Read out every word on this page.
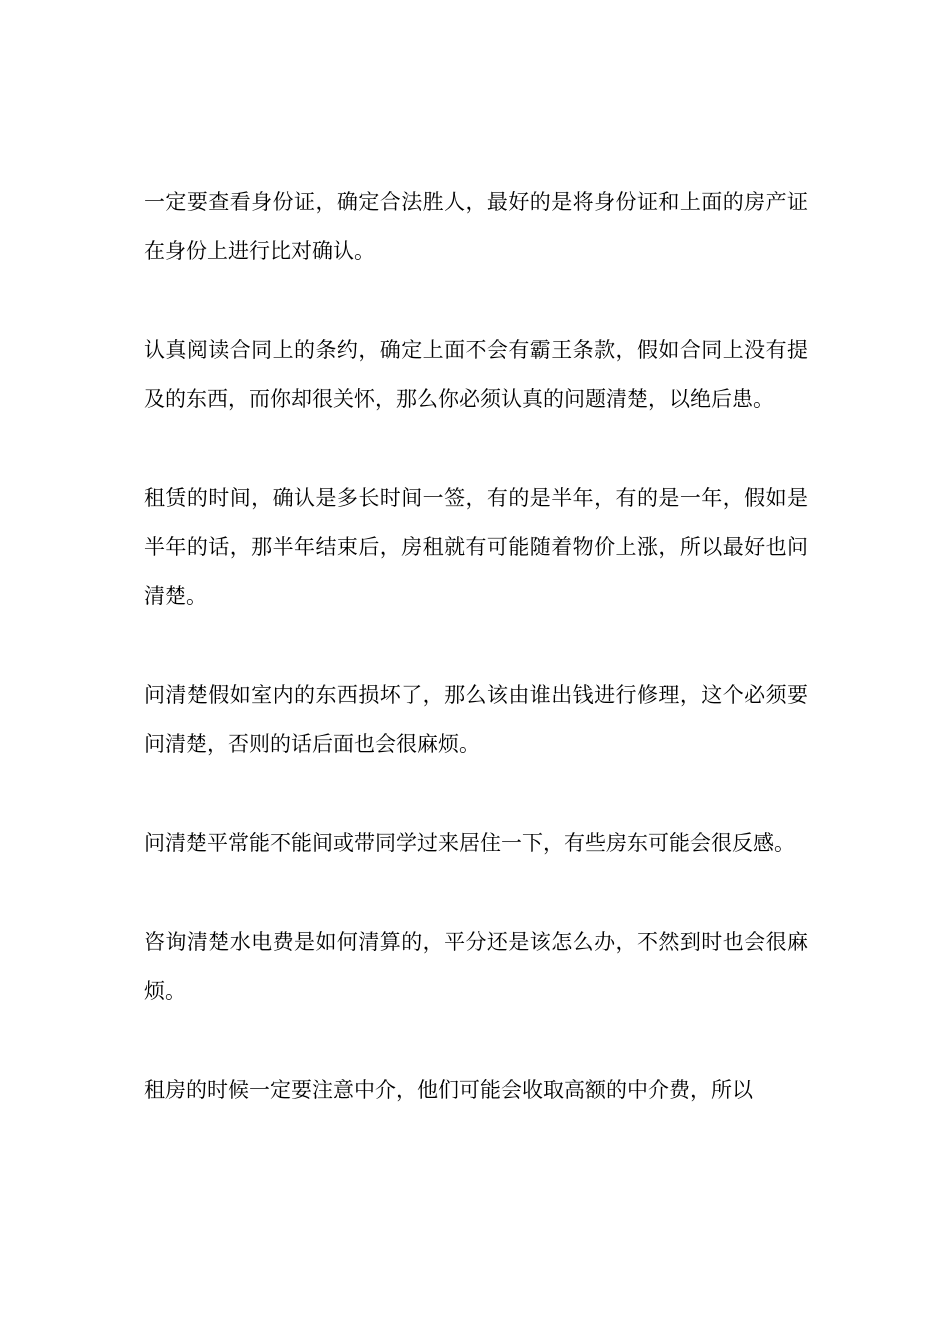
一定要查看身份证，确定合法胜人，最好的是将身份证和上面的房产证在身份上进行比对确认。

认真阅读合同上的条约，确定上面不会有霸王条款，假如合同上没有提及的东西，而你却很关怀，那么你必须认真的问题清楚，以绝后患。

租赁的时间，确认是多长时间一签，有的是半年，有的是一年，假如是半年的话，那半年结束后，房租就有可能随着物价上涨，所以最好也问清楚。

问清楚假如室内的东西损坏了，那么该由谁出钱进行修理，这个必须要问清楚，否则的话后面也会很麻烦。

问清楚平常能不能间或带同学过来居住一下，有些房东可能会很反感。

咨询清楚水电费是如何清算的，平分还是该怎么办，不然到时也会很麻烦。

租房的时候一定要注意中介，他们可能会收取高额的中介费，所以
